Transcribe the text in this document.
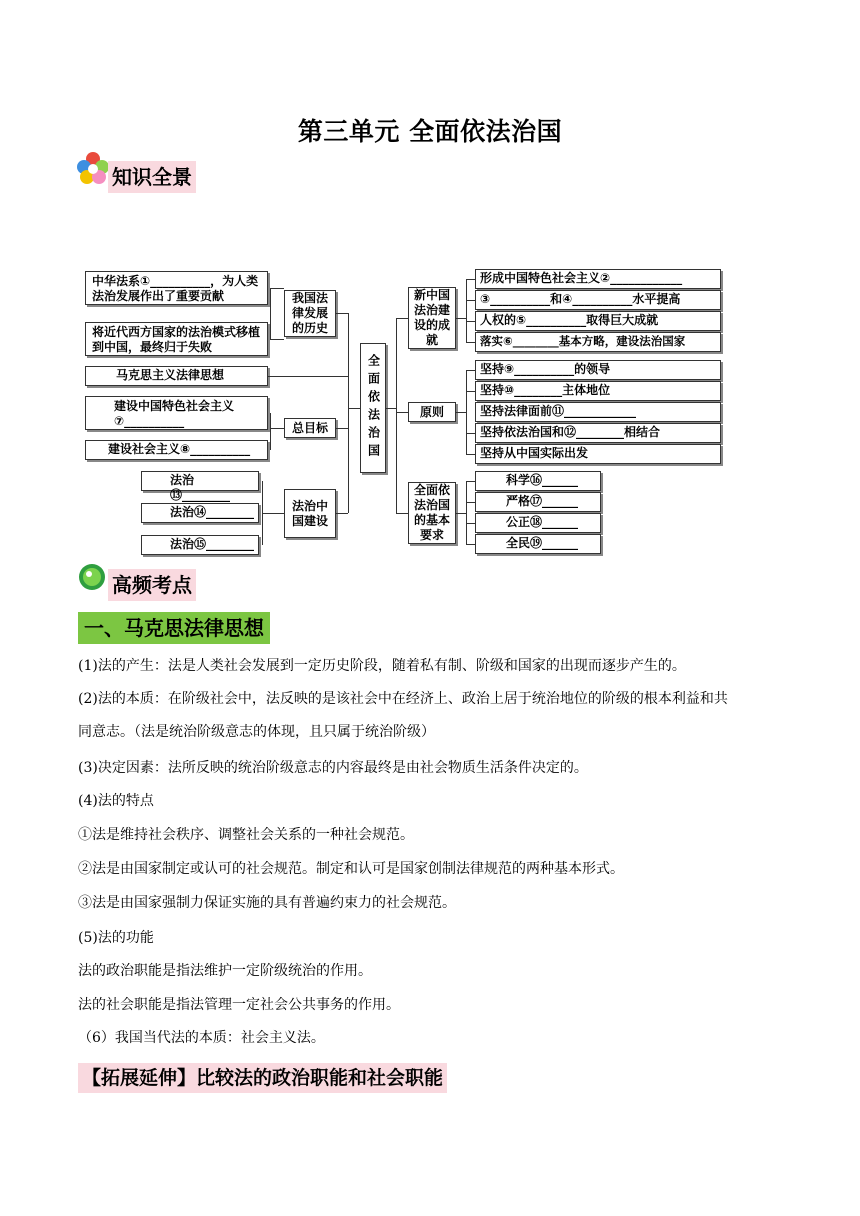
第三单元 全面依法治国
知识全景
中华法系①__________，为人类法治发展作出了重要贡献
将近代西方国家的法治模式移植到中国，最终归于失败
我国法律发展的历史
马克思主义法律思想
建设中国特色社会主义⑦__________
建设社会主义⑧__________
总目标
法治 ⑬________
法治⑭________
法治⑮________
法治中国建设
全面依法治国
新中国法治建设的成就
原则
全面依法治国的基本要求
形成中国特色社会主义②____________
③__________和④__________水平提高
人权的⑤__________取得巨大成就
落实⑥________基本方略，建设法治国家
坚持⑨__________的领导
坚持⑩________主体地位
坚持法律面前⑪____________
坚持依法治国和⑫________相结合
坚持从中国实际出发
科学⑯______
严格⑰______
公正⑱______
全民⑲______
高频考点
一、马克思法律思想
(1)法的产生：法是人类社会发展到一定历史阶段，随着私有制、阶级和国家的出现而逐步产生的。
(2)法的本质：在阶级社会中，法反映的是该社会中在经济上、政治上居于统治地位的阶级的根本利益和共
同意志。（法是统治阶级意志的体现，且只属于统治阶级）
(3)决定因素：法所反映的统治阶级意志的内容最终是由社会物质生活条件决定的。
(4)法的特点
①法是维持社会秩序、调整社会关系的一种社会规范。
②法是由国家制定或认可的社会规范。制定和认可是国家创制法律规范的两种基本形式。
③法是由国家强制力保证实施的具有普遍约束力的社会规范。
(5)法的功能
法的政治职能是指法维护一定阶级统治的作用。
法的社会职能是指法管理一定社会公共事务的作用。
（6）我国当代法的本质：社会主义法。
【拓展延伸】比较法的政治职能和社会职能
